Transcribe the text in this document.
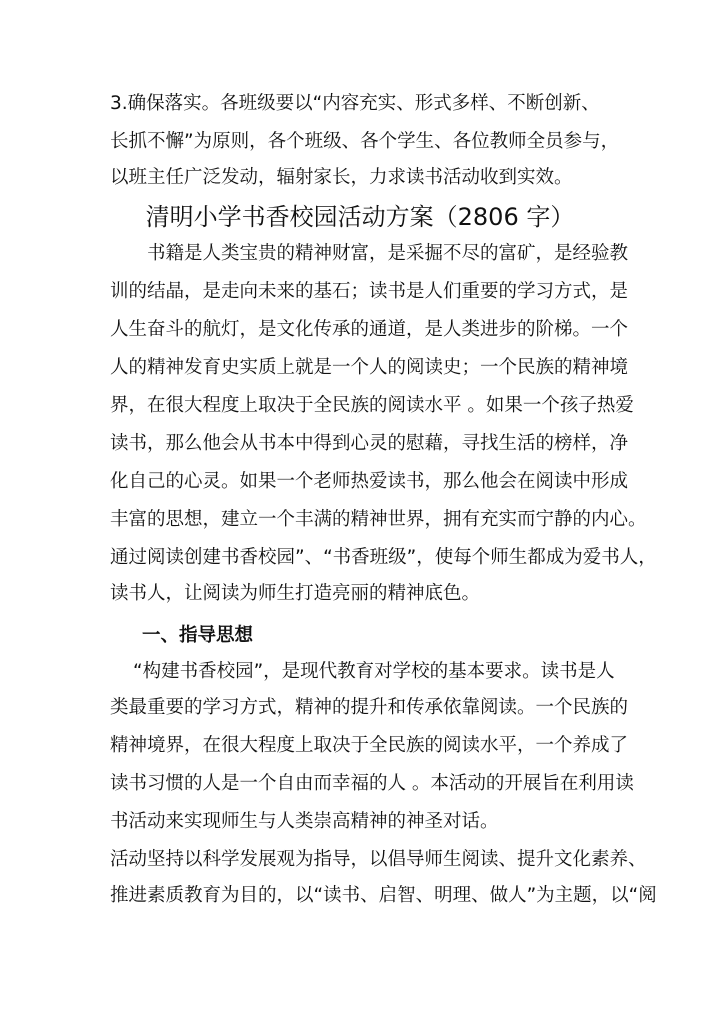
3.确保落实。各班级要以“内容充实、形式多样、不断创新、
长抓不懈”为原则，各个班级、各个学生、各位教师全员参与，
以班主任广泛发动，辐射家长，力求读书活动收到实效。
清明小学书香校园活动方案（2806 字）
书籍是人类宝贵的精神财富，是采掘不尽的富矿，是经验教
训的结晶，是走向未来的基石；读书是人们重要的学习方式，是
人生奋斗的航灯，是文化传承的通道，是人类进步的阶梯。一个
人的精神发育史实质上就是一个人的阅读史；一个民族的精神境
界，在很大程度上取决于全民族的阅读水平 。如果一个孩子热爱
读书，那么他会从书本中得到心灵的慰藉，寻找生活的榜样，净
化自己的心灵。如果一个老师热爱读书，那么他会在阅读中形成
丰富的思想，建立一个丰满的精神世界，拥有充实而宁静的内心。
通过阅读创建书香校园”、“书香班级”，使每个师生都成为爱书人，
读书人，让阅读为师生打造亮丽的精神底色。
一、指导思想
“构建书香校园”，是现代教育对学校的基本要求。读书是人
类最重要的学习方式，精神的提升和传承依靠阅读。一个民族的
精神境界，在很大程度上取决于全民族的阅读水平，一个养成了
读书习惯的人是一个自由而幸福的人 。本活动的开展旨在利用读
书活动来实现师生与人类崇高精神的神圣对话。
活动坚持以科学发展观为指导，以倡导师生阅读、提升文化素养、
推进素质教育为目的，以“读书、启智、明理、做人”为主题，以“阅
